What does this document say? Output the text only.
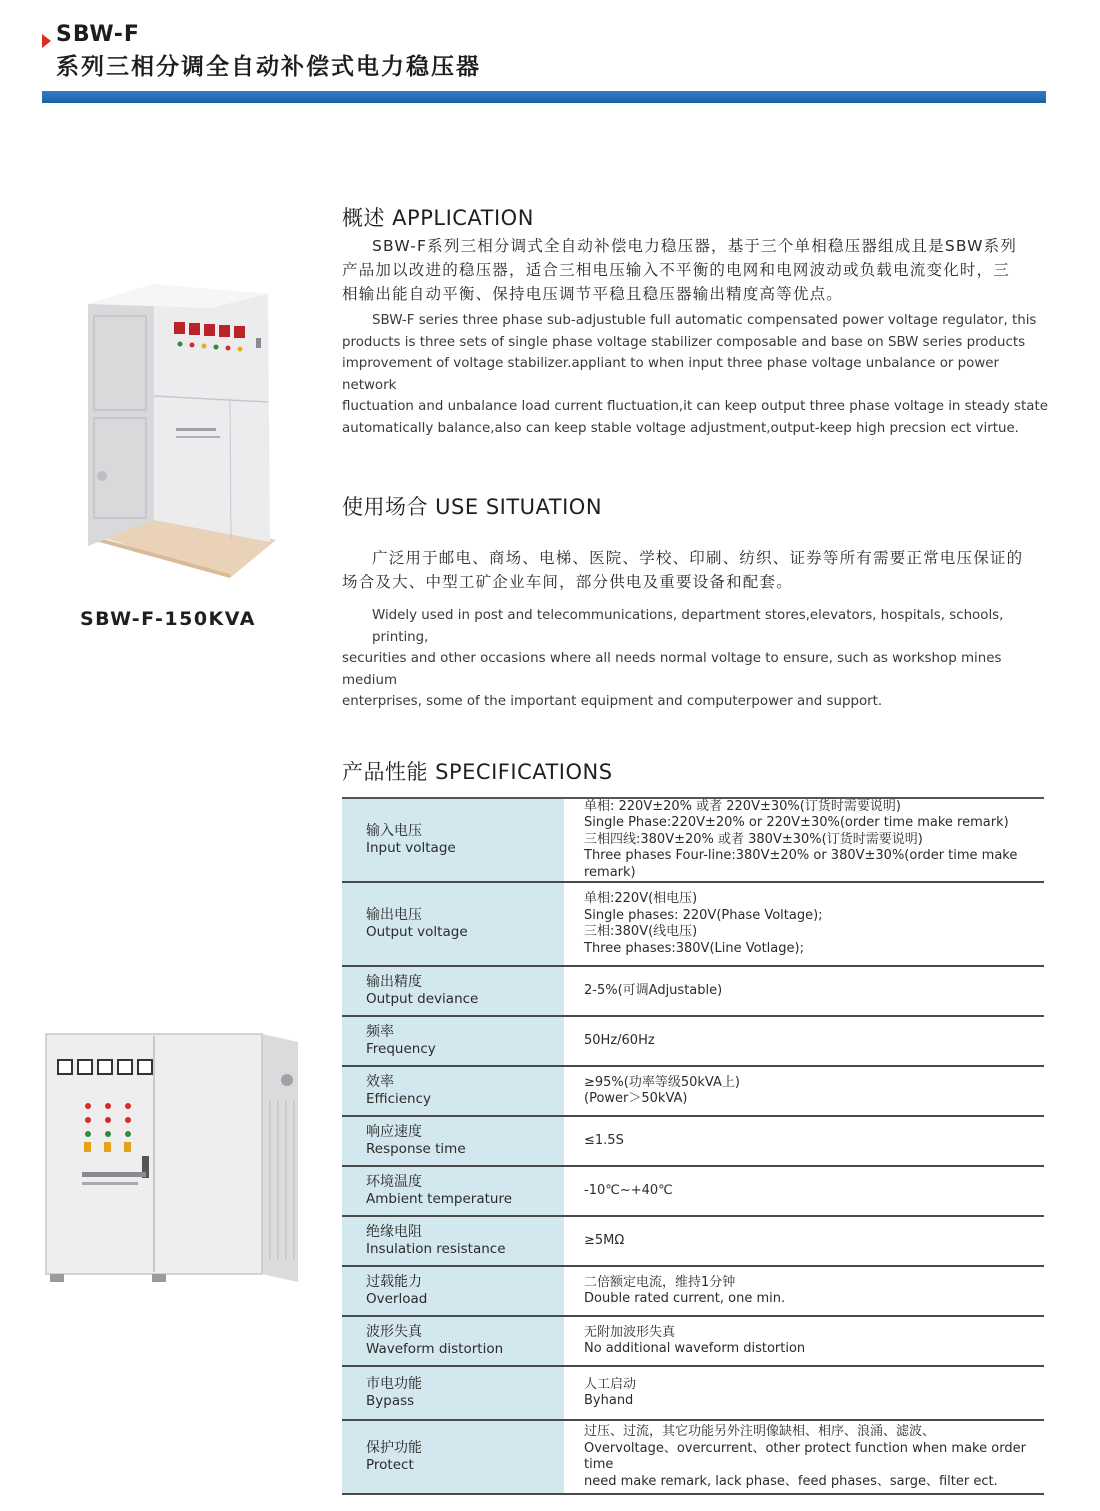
SBW-F
系列三相分调全自动补偿式电力稳压器
SBW-F-150KVA
概述 APPLICATION
SBW-F系列三相分调式全自动补偿电力稳压器，基于三个单相稳压器组成且是SBW系列
产品加以改进的稳压器，适合三相电压输入不平衡的电网和电网波动或负载电流变化时，三
相输出能自动平衡、保持电压调节平稳且稳压器输出精度高等优点。
SBW-F series three phase sub-adjustuble full automatic compensated power voltage regulator, this
products is three sets of single phase voltage stabilizer composable and base on SBW series products
improvement of voltage stabilizer.appliant to when input three phase voltage unbalance or power network
fluctuation and unbalance load current fluctuation,it can keep output three phase voltage in steady state
automatically balance,also can keep stable voltage adjustment,output-keep high precsion ect virtue.
使用场合 USE SITUATION
广泛用于邮电、商场、电梯、医院、学校、印刷、纺织、证券等所有需要正常电压保证的
场合及大、中型工矿企业车间，部分供电及重要设备和配套。
Widely used in post and telecommunications, department stores,elevators, hospitals, schools, printing,
securities and other occasions where all needs normal voltage to ensure, such as workshop mines medium
enterprises, some of the important equipment and computerpower and support.
产品性能 SPECIFICATIONS
输入电压
Input voltage
单相: 220V±20% 或者 220V±30%(订货时需要说明)
Single Phase:220V±20% or 220V±30%(order time make remark)
三相四线:380V±20% 或者 380V±30%(订货时需要说明)
Three phases Four-line:380V±20% or 380V±30%(order time make remark)
输出电压
Output voltage
单相:220V(相电压)
Single phases: 220V(Phase Voltage);
三相:380V(线电压)
Three phases:380V(Line Votlage);
输出精度
Output deviance
2-5%(可调Adjustable)
频率
Frequency
50Hz/60Hz
效率
Efficiency
≥95%(功率等级50kVA上)
(Power＞50kVA)
响应速度
Response time
≤1.5S
环境温度
Ambient temperature
-10℃~+40℃
绝缘电阻
Insulation resistance
≥5MΩ
过载能力
Overload
二倍额定电流，维持1分钟
Double rated current, one min.
波形失真
Waveform distortion
无附加波形失真
No additional waveform distortion
市电功能
Bypass
人工启动
Byhand
保护功能
Protect
过压、过流，其它功能另外注明像缺相、相序、浪涌、滤波、
Overvoltage、overcurrent、other protect function when make order time
need make remark, lack phase、feed phases、sarge、filter ect.
